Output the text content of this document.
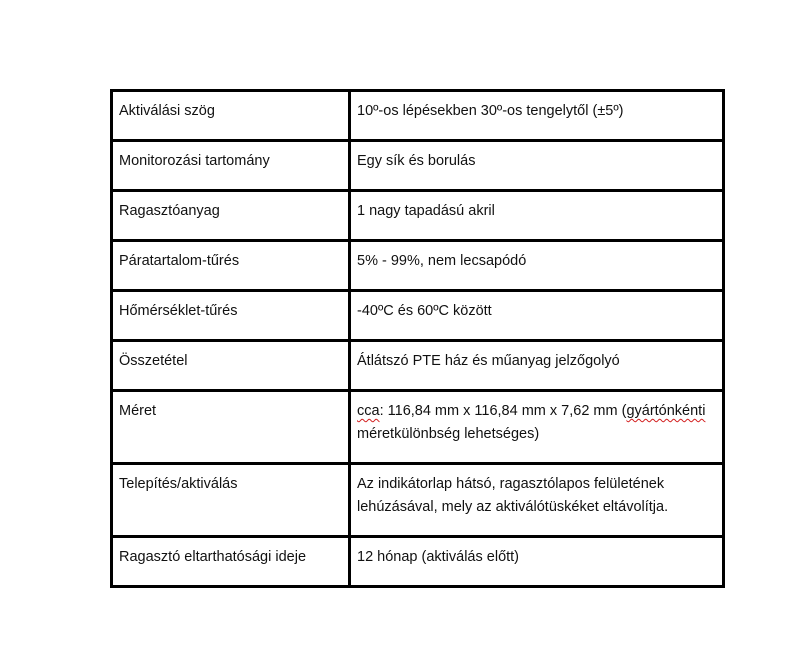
Aktiválási szög	10º-os lépésekben 30º-os tengelytől (±5º)
Monitorozási tartomány	Egy sík és borulás
Ragasztóanyag	1 nagy tapadású akril
Páratartalom-tűrés	5% - 99%, nem lecsapódó
Hőmérséklet-tűrés	-40ºC és 60ºC között
Összetétel	Átlátszó PTE ház és műanyag jelzőgolyó
Méret	cca: 116,84 mm x 116,84 mm x 7,62 mm (gyártónkénti méretkülönbség lehetséges)
Telepítés/aktiválás	Az indikátorlap hátsó, ragasztólapos felületének lehúzásával, mely az aktiválótüskéket eltávolítja.
Ragasztó eltarthatósági ideje	12 hónap (aktiválás előtt)
